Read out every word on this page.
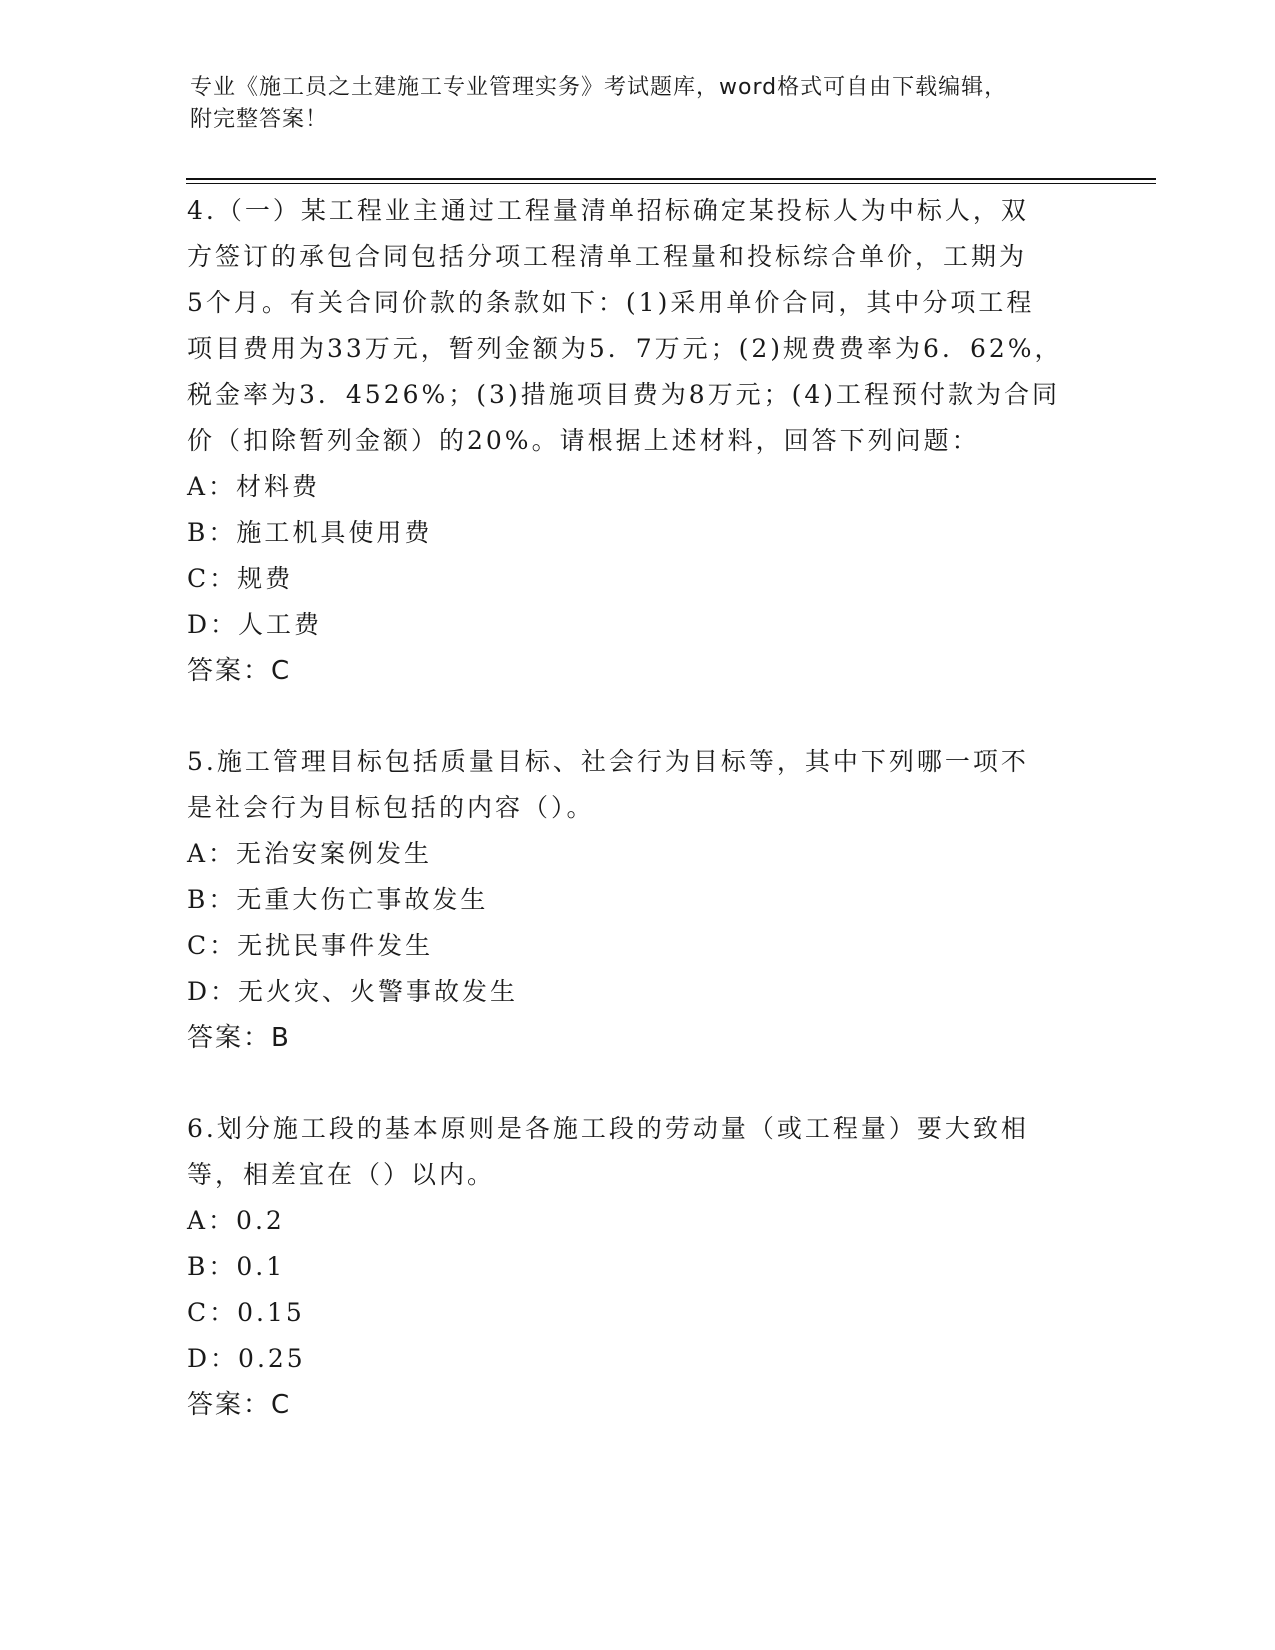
专业《施工员之土建施工专业管理实务》考试题库，word格式可自由下载编辑，
附完整答案！
4.（一）某工程业主通过工程量清单招标确定某投标人为中标人，双
方签订的承包合同包括分项工程清单工程量和投标综合单价，工期为
5个月。有关合同价款的条款如下：(1)采用单价合同，其中分项工程
项目费用为33万元，暂列金额为5．7万元；(2)规费费率为6．62%，
税金率为3．4526%；(3)措施项目费为8万元；(4)工程预付款为合同
价（扣除暂列金额）的20%。请根据上述材料，回答下列问题：
A：材料费
B：施工机具使用费
C：规费
D：人工费
答案：C
5.施工管理目标包括质量目标、社会行为目标等，其中下列哪一项不
是社会行为目标包括的内容（）。
A：无治安案例发生
B：无重大伤亡事故发生
C：无扰民事件发生
D：无火灾、火警事故发生
答案：B
6.划分施工段的基本原则是各施工段的劳动量（或工程量）要大致相
等，相差宜在（）以内。
A：0.2
B：0.1
C：0.15
D：0.25
答案：C
